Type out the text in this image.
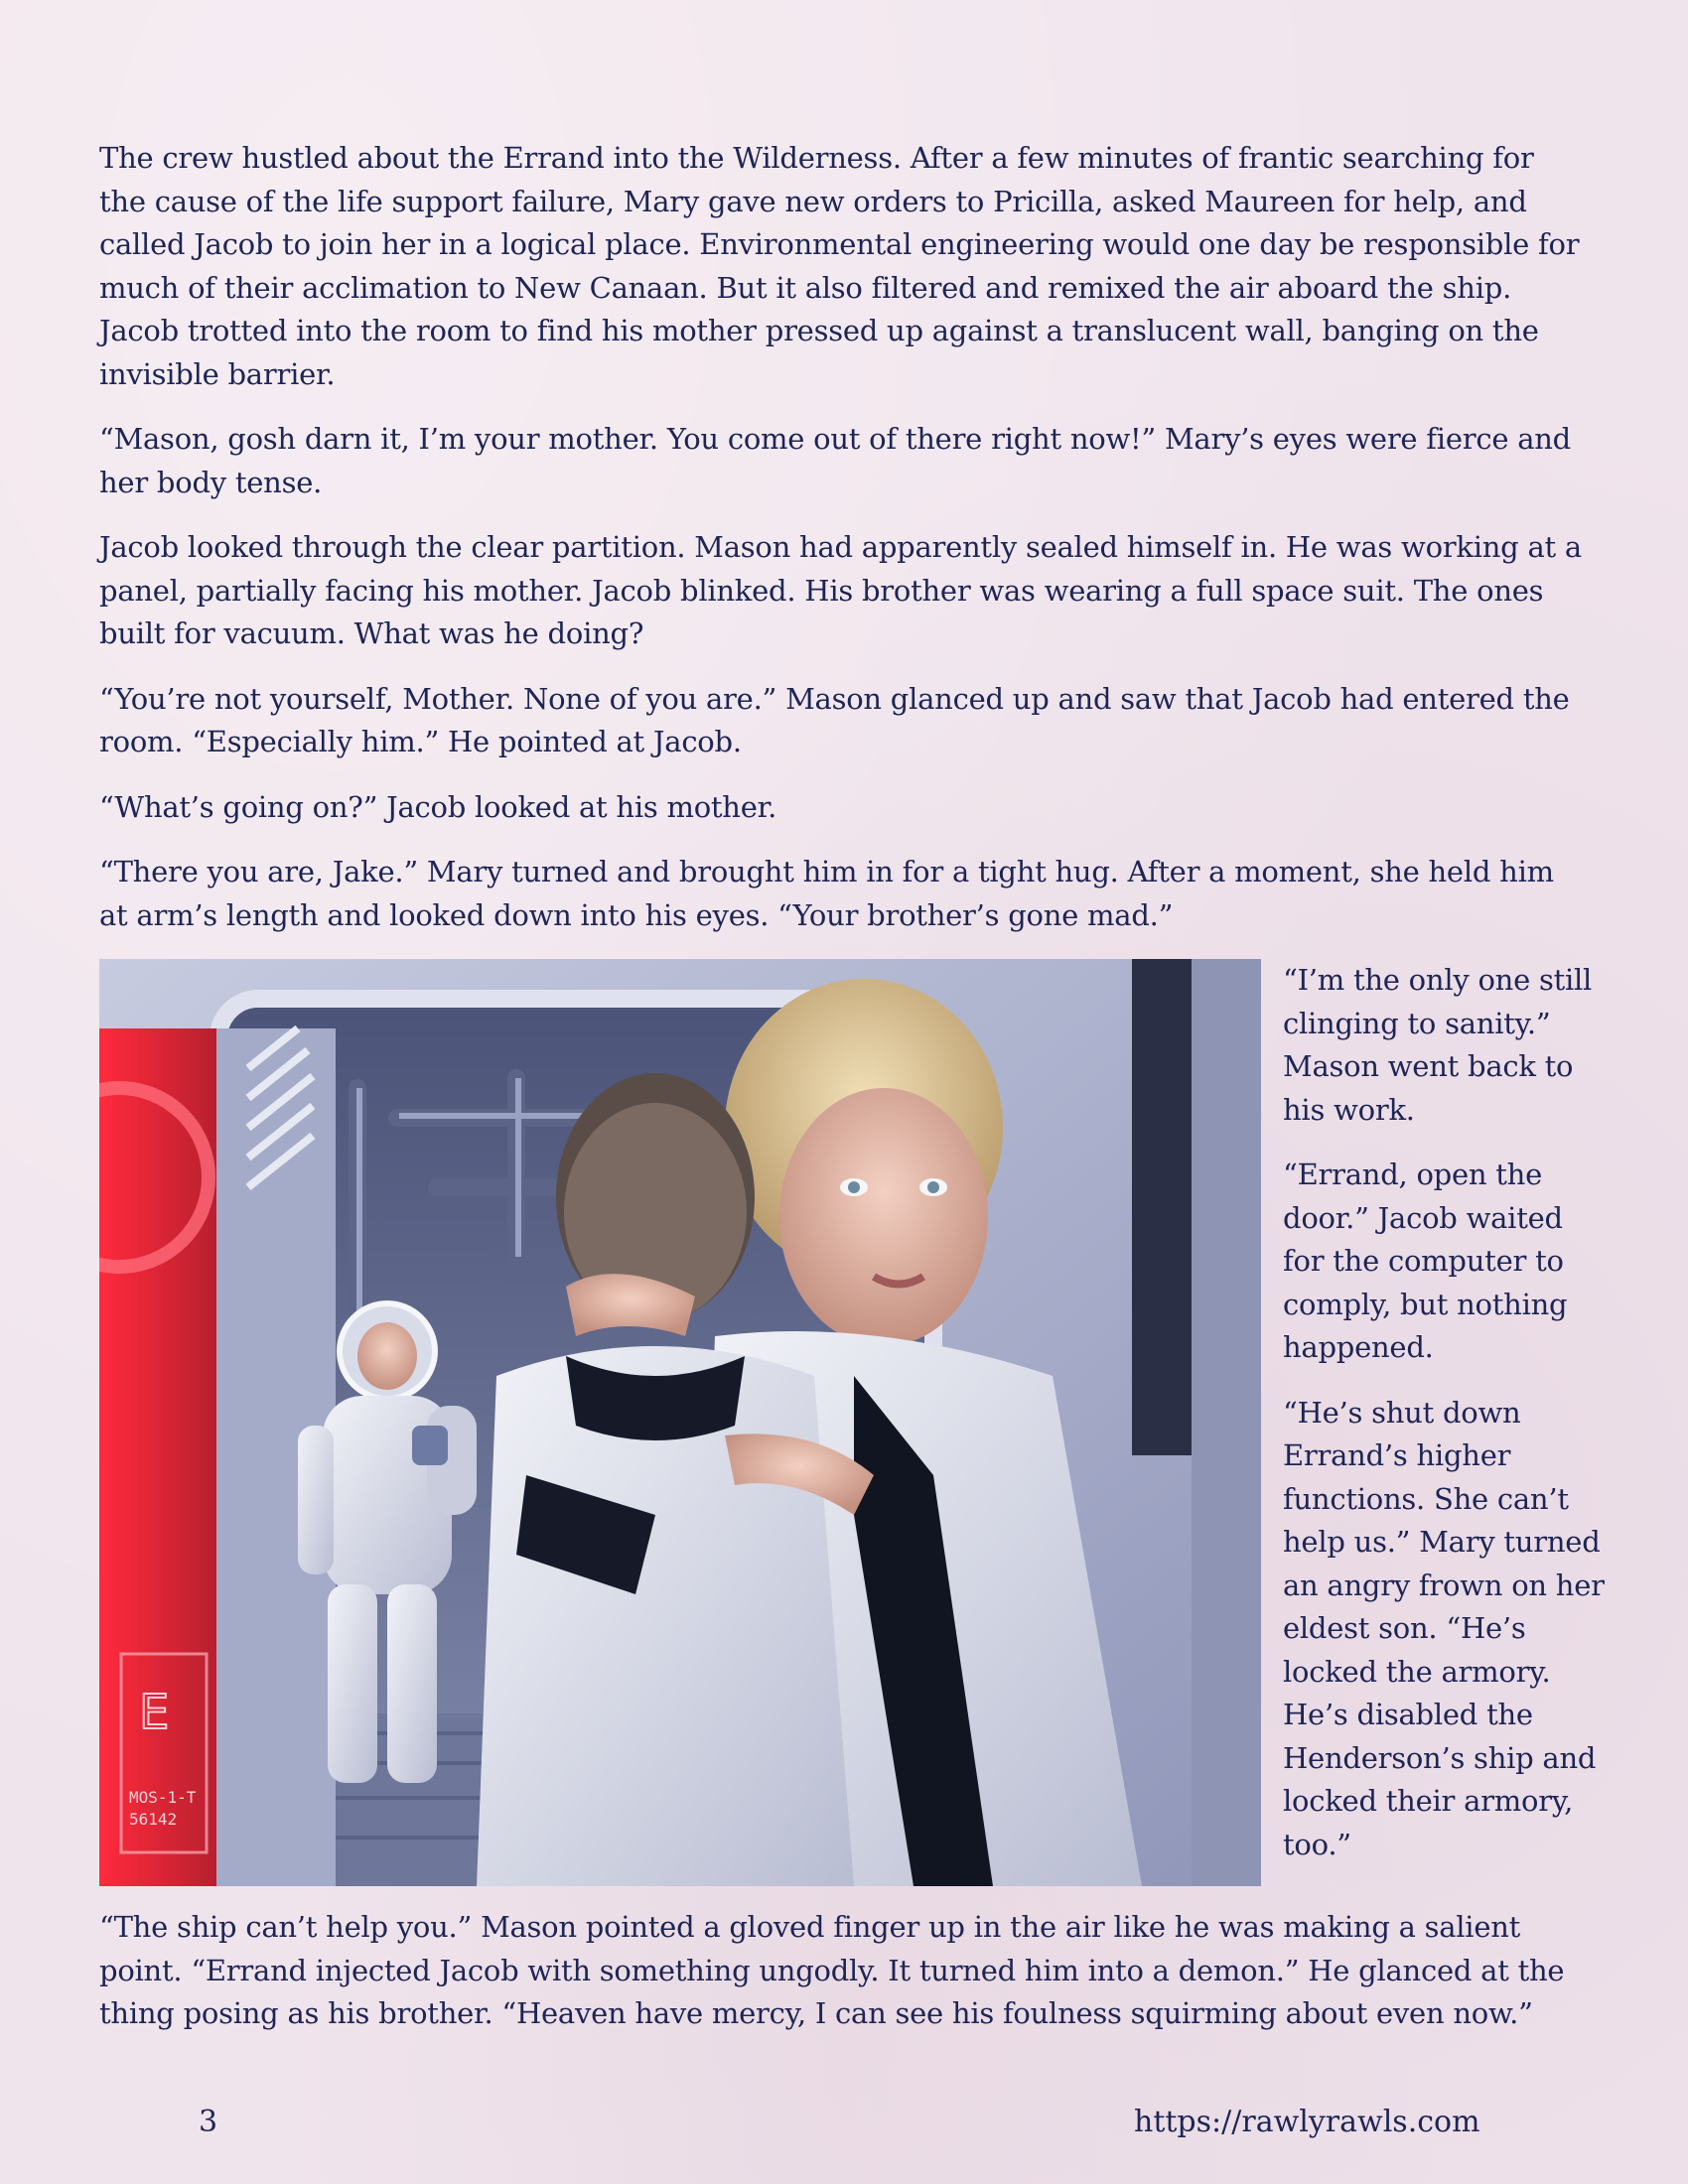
The crew hustled about the Errand into the Wilderness. After a few minutes of frantic searching for the cause of the life support failure, Mary gave new orders to Pricilla, asked Maureen for help, and called Jacob to join her in a logical place. Environmental engineering would one day be responsible for much of their acclimation to New Canaan. But it also filtered and remixed the air aboard the ship. Jacob trotted into the room to find his mother pressed up against a translucent wall, banging on the invisible barrier.

“Mason, gosh darn it, I’m your mother. You come out of there right now!” Mary’s eyes were fierce and her body tense.

Jacob looked through the clear partition. Mason had apparently sealed himself in. He was working at a panel, partially facing his mother. Jacob blinked. His brother was wearing a full space suit. The ones built for vacuum. What was he doing?

“You’re not yourself, Mother. None of you are.” Mason glanced up and saw that Jacob had entered the room. “Especially him.” He pointed at Jacob.

“What’s going on?” Jacob looked at his mother.

“There you are, Jake.” Mary turned and brought him in for a tight hug. After a moment, she held him at arm’s length and looked down into his eyes. “Your brother’s gone mad.”

E
MOS-1-T
56142

“I’m the only one still clinging to sanity.” Mason went back to his work.

“Errand, open the door.” Jacob waited for the computer to comply, but nothing happened.

“He’s shut down Errand’s higher functions. She can’t help us.” Mary turned an angry frown on her eldest son. “He’s locked the armory. He’s disabled the Henderson’s ship and locked their armory, too.”

“The ship can’t help you.” Mason pointed a gloved finger up in the air like he was making a salient point. “Errand injected Jacob with something ungodly. It turned him into a demon.” He glanced at the thing posing as his brother. “Heaven have mercy, I can see his foulness squirming about even now.”

3	https://rawlyrawls.com
